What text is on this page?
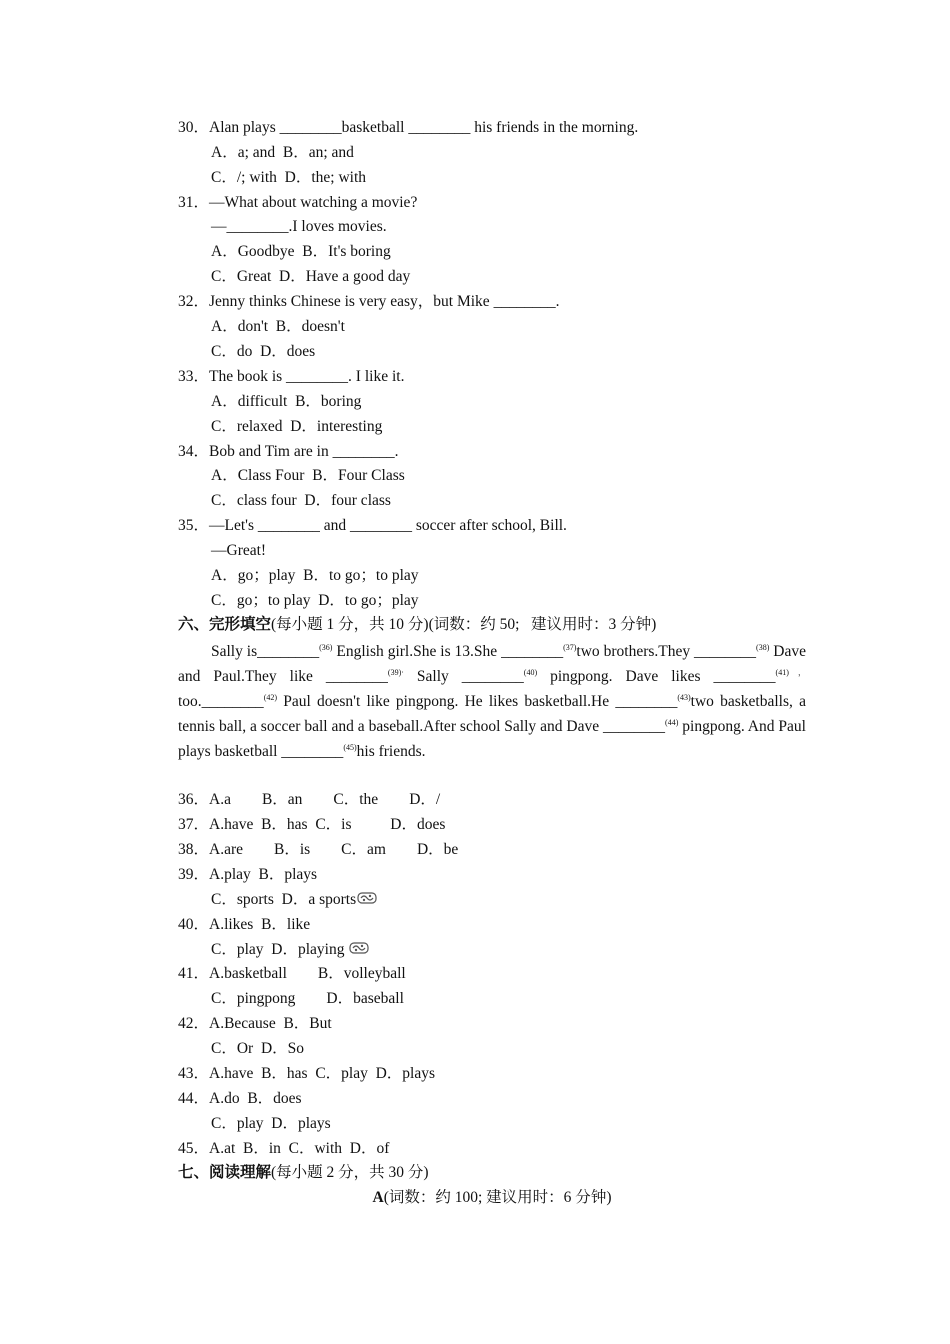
30．Alan plays ________basketball ________ his friends in the morning.
A．a; and  B．an; and
C．/; with  D．the; with
31．—What about watching a movie?
—________.I loves movies.
A．Goodbye  B．It's boring
C．Great  D．Have a good day
32．Jenny thinks Chinese is very easy，but Mike ________.
A．don't  B．doesn't
C．do  D．does
33．The book is ________. I like it.
A．difficult  B．boring
C．relaxed  D．interesting
34．Bob and Tim are in ________.
A．Class Four  B．Four Class
C．class four  D．four class
35．—Let's ________ and ________ soccer after school, Bill.
—Great!
A．go；play  B．to go；to play
C．go；to play  D．to go；play
六、完形填空(每小题 1 分，共 10 分)(词数：约 50;   建议用时：3 分钟)
Sally is________$^{(36)}$ English girl.She is 13.She ________$^{(37)}$two brothers.They ________$^{(38)}$ Dave and Paul.They like ________$^{(39)\cdot}$ Sally ________$^{(40)}$ pingpong. Dave likes ________$^{(41),}$ too.________$^{(42)}$ Paul doesn't like pingpong. He likes basketball.He ________$^{(43)}$two basketballs, a tennis ball, a soccer ball and a baseball.After school Sally and Dave ________$^{(44)}$ pingpong. And Paul plays basketball ________$^{(45)}$his friends.
36．A.a        B．an        C．the        D．/
37．A.have  B．has  C．is          D．does
38．A.are        B．is        C．am        D．be
39．A.play  B．plays
C．sports  D．a sports
40．A.likes  B．like
C．play  D．playing
41．A.basketball        B．volleyball
C．pingpong        D．baseball
42．A.Because  B．But
C．Or  D．So
43．A.have  B．has  C．play  D．plays
44．A.do  B．does
C．play  D．plays
45．A.at  B．in  C．with  D．of
七、阅读理解(每小题 2 分，共 30 分)
A(词数：约 100; 建议用时：6 分钟)
